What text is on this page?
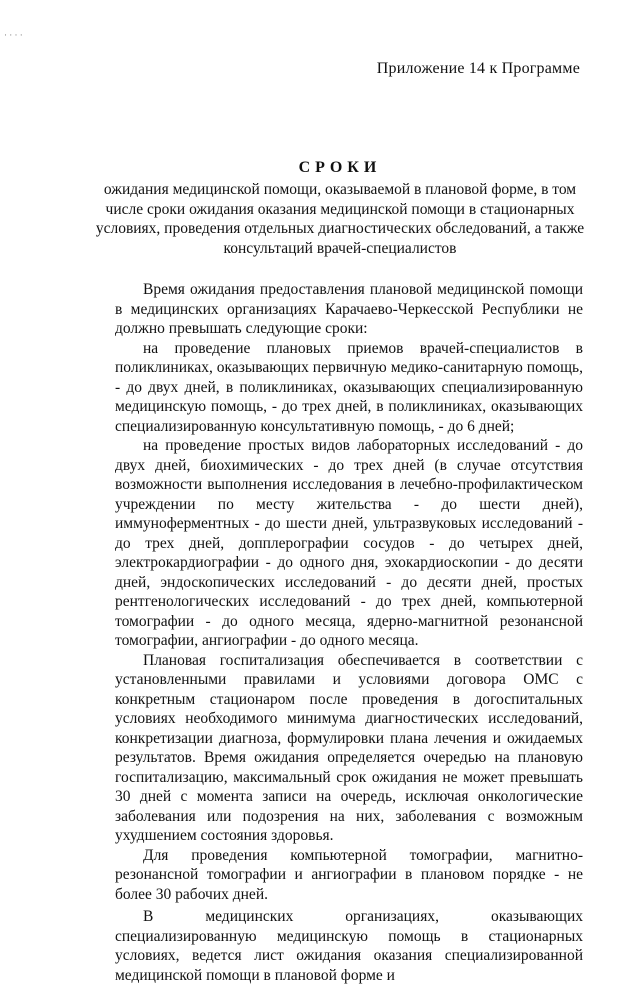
· · · ·
Приложение 14 к Программе
СРОКИ
ожидания медицинской помощи, оказываемой в плановой форме, в том числе сроки ожидания оказания медицинской помощи в стационарных условиях, проведения отдельных диагностических обследований, а также консультаций врачей-специалистов

Время ожидания предоставления плановой медицинской помощи в медицинских организациях Карачаево-Черкесской Республики не должно превышать следующие сроки:

на проведение плановых приемов врачей-специалистов в поликлиниках, оказывающих первичную медико-санитарную помощь, - до двух дней, в поликлиниках, оказывающих специализированную медицинскую помощь, - до трех дней, в поликлиниках, оказывающих специализированную консультативную помощь, - до 6 дней;

на проведение простых видов лабораторных исследований - до двух дней, биохимических - до трех дней (в случае отсутствия возможности выполнения исследования в лечебно-профилактическом учреждении по месту жительства - до шести дней), иммуноферментных - до шести дней, ультразвуковых исследований - до трех дней, допплерографии сосудов - до четырех дней, электрокардиографии - до одного дня, эхокардиоскопии - до десяти дней, эндоскопических исследований - до десяти дней, простых рентгенологических исследований - до трех дней, компьютерной томографии - до одного месяца, ядерно-магнитной резонансной томографии, ангиографии - до одного месяца.

Плановая госпитализация обеспечивается в соответствии с установленными правилами и условиями договора ОМС с конкретным стационаром после проведения в догоспитальных условиях необходимого минимума диагностических исследований, конкретизации диагноза, формулировки плана лечения и ожидаемых результатов. Время ожидания определяется очередью на плановую госпитализацию, максимальный срок ожидания не может превышать 30 дней с момента записи на очередь, исключая онкологические заболевания или подозрения на них, заболевания с возможным ухудшением состояния здоровья.

Для проведения компьютерной томографии, магнитно-резонансной томографии и ангиографии в плановом порядке - не более 30 рабочих дней.

В медицинских организациях, оказывающих специализированную медицинскую помощь в стационарных условиях, ведется лист ожидания оказания специализированной медицинской помощи в плановой форме и
